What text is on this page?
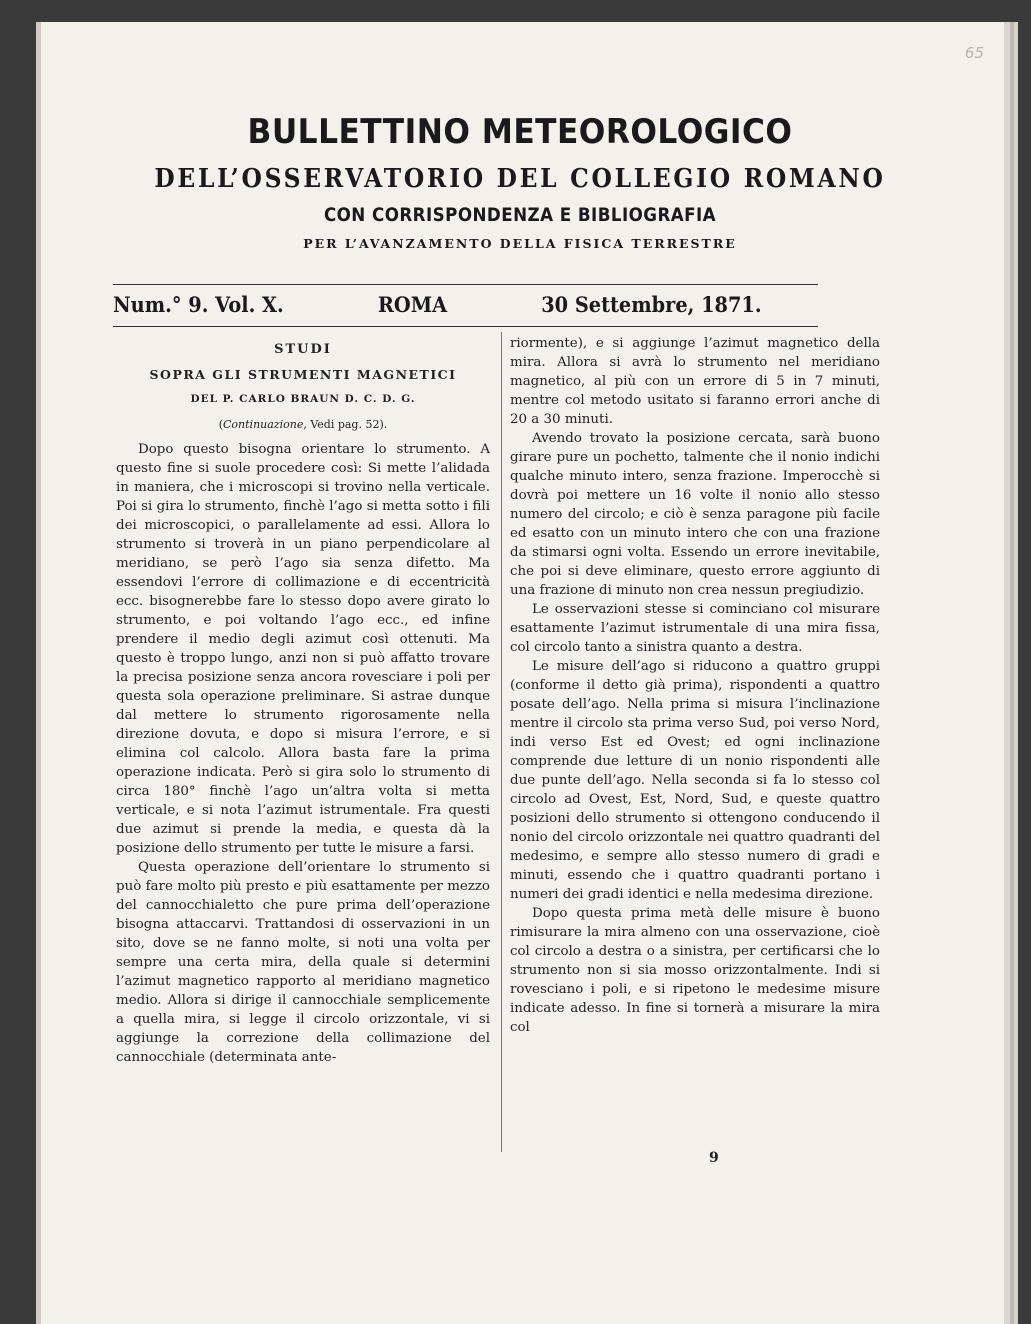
65
BULLETTINO METEOROLOGICO
DELL’OSSERVATORIO DEL COLLEGIO ROMANO
CON CORRISPONDENZA E BIBLIOGRAFIA
PER L’AVANZAMENTO DELLA FISICA TERRESTRE
Num.° 9. Vol. X.	ROMA	30 Settembre, 1871.
STUDI
SOPRA GLI STRUMENTI MAGNETICI
DEL P. CARLO BRAUN D. C. D. G.
(Continuazione, Vedi pag. 52).

Dopo questo bisogna orientare lo strumento. A questo fine si suole procedere così: Si mette l’alidada in maniera, che i microscopi si trovino nella verticale. Poi si gira lo strumento, finchè l’ago si metta sotto i fili dei microscopici, o parallelamente ad essi. Allora lo strumento si troverà in un piano perpendicolare al meridiano, se però l’ago sia senza difetto. Ma essendovi l’errore di collimazione e di eccentricità ecc. bisognerebbe fare lo stesso dopo avere girato lo strumento, e poi voltando l’ago ecc., ed infine prendere il medio degli azimut così ottenuti. Ma questo è troppo lungo, anzi non si può affatto trovare la precisa posizione senza ancora rovesciare i poli per questa sola operazione preliminare. Si astrae dunque dal mettere lo strumento rigorosamente nella direzione dovuta, e dopo si misura l’errore, e si elimina col calcolo. Allora basta fare la prima operazione indicata. Però si gira solo lo strumento di circa 180° finchè l’ago un’altra volta si metta verticale, e si nota l’azimut istrumentale. Fra questi due azimut si prende la media, e questa dà la posizione dello strumento per tutte le misure a farsi.

Questa operazione dell’orientare lo strumento si può fare molto più presto e più esattamente per mezzo del cannocchialetto che pure prima dell’operazione bisogna attaccarvi. Trattandosi di osservazioni in un sito, dove se ne fanno molte, si noti una volta per sempre una certa mira, della quale si determini l’azimut magnetico rapporto al meridiano magnetico medio. Allora si dirige il cannocchiale semplicemente a quella mira, si legge il circolo orizzontale, vi si aggiunge la correzione della collimazione del cannocchiale (determinata ante-

riormente), e si aggiunge l’azimut magnetico della mira. Allora si avrà lo strumento nel meridiano magnetico, al più con un errore di 5 in 7 minuti, mentre col metodo usitato si faranno errori anche di 20 a 30 minuti.

Avendo trovato la posizione cercata, sarà buono girare pure un pochetto, talmente che il nonio indichi qualche minuto intero, senza frazione. Imperocchè si dovrà poi mettere un 16 volte il nonio allo stesso numero del circolo; e ciò è senza paragone più facile ed esatto con un minuto intero che con una frazione da stimarsi ogni volta. Essendo un errore inevitabile, che poi si deve eliminare, questo errore aggiunto di una frazione di minuto non crea nessun pregiudizio.

Le osservazioni stesse si cominciano col misurare esattamente l’azimut istrumentale di una mira fissa, col circolo tanto a sinistra quanto a destra.

Le misure dell’ago si riducono a quattro gruppi (conforme il detto già prima), rispondenti a quattro posate dell’ago. Nella prima si misura l’inclinazione mentre il circolo sta prima verso Sud, poi verso Nord, indi verso Est ed Ovest; ed ogni inclinazione comprende due letture di un nonio rispondenti alle due punte dell’ago. Nella seconda si fa lo stesso col circolo ad Ovest, Est, Nord, Sud, e queste quattro posizioni dello strumento si ottengono conducendo il nonio del circolo orizzontale nei quattro quadranti del medesimo, e sempre allo stesso numero di gradi e minuti, essendo che i quattro quadranti portano i numeri dei gradi identici e nella medesima direzione.

Dopo questa prima metà delle misure è buono rimisurare la mira almeno con una osservazione, cioè col circolo a destra o a sinistra, per certificarsi che lo strumento non si sia mosso orizzontalmente. Indi si rovesciano i poli, e si ripetono le medesime misure indicate adesso. In fine si tornerà a misurare la mira col

9
